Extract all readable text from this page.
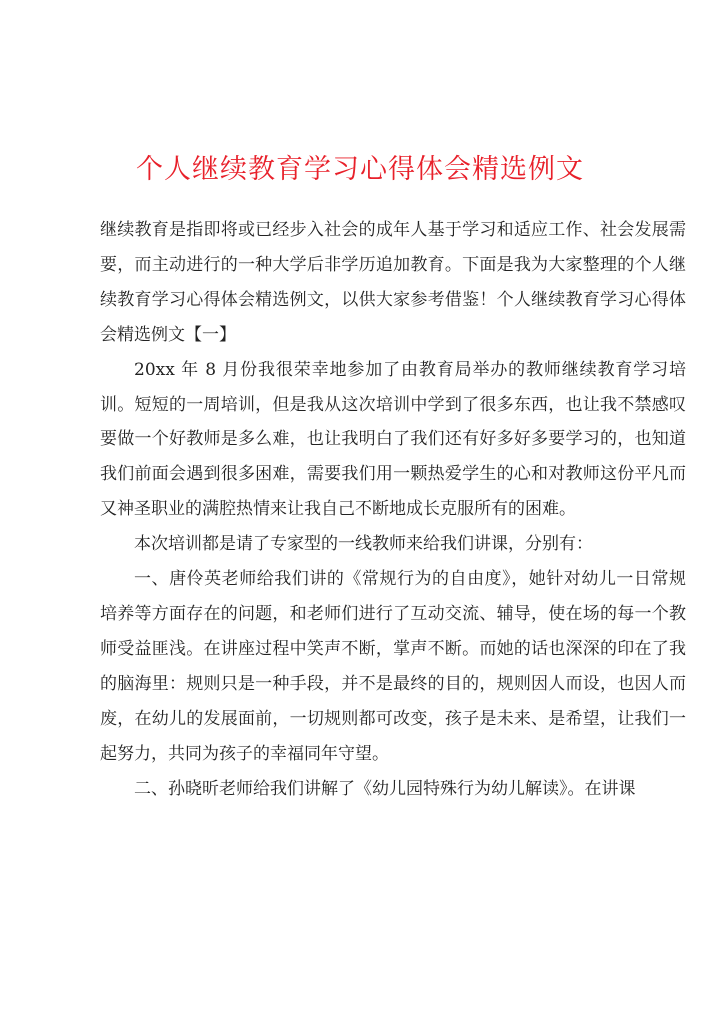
个人继续教育学习心得体会精选例文

继续教育是指即将或已经步入社会的成年人基于学习和适应工作、社会发展需要，而主动进行的一种大学后非学历追加教育。下面是我为大家整理的个人继续教育学习心得体会精选例文，以供大家参考借鉴！个人继续教育学习心得体会精选例文【一】

20xx 年 8 月份我很荣幸地参加了由教育局举办的教师继续教育学习培训。短短的一周培训，但是我从这次培训中学到了很多东西，也让我不禁感叹要做一个好教师是多么难，也让我明白了我们还有好多好多要学习的，也知道我们前面会遇到很多困难，需要我们用一颗热爱学生的心和对教师这份平凡而又神圣职业的满腔热情来让我自己不断地成长克服所有的困难。

本次培训都是请了专家型的一线教师来给我们讲课，分别有：

一、唐伶英老师给我们讲的《常规行为的自由度》，她针对幼儿一日常规培养等方面存在的问题，和老师们进行了互动交流、辅导，使在场的每一个教师受益匪浅。在讲座过程中笑声不断，掌声不断。而她的话也深深的印在了我的脑海里：规则只是一种手段，并不是最终的目的，规则因人而设，也因人而废，在幼儿的发展面前，一切规则都可改变，孩子是未来、是希望，让我们一起努力，共同为孩子的幸福同年守望。

二、孙晓昕老师给我们讲解了《幼儿园特殊行为幼儿解读》。在讲课
